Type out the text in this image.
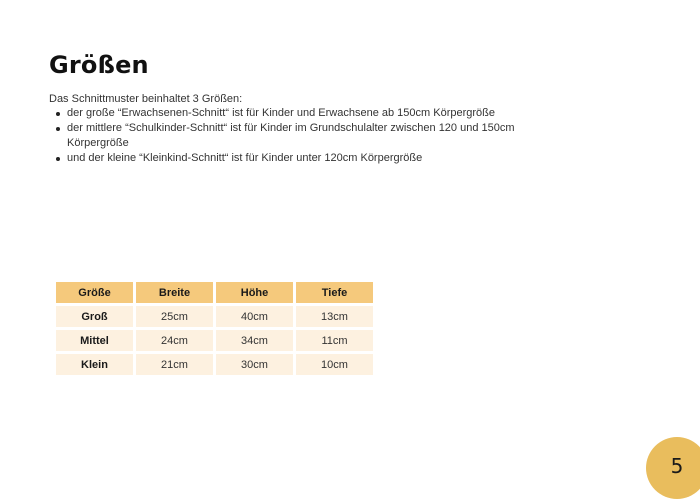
Größen

Das Schnittmuster beinhaltet 3 Größen:

der große “Erwachsenen-Schnitt“ ist für Kinder und Erwachsene ab 150cm Körpergröße
der mittlere “Schulkinder-Schnitt“ ist für Kinder im Grundschulalter zwischen 120 und 150cm Körpergröße
und der kleine “Kleinkind-Schnitt“ ist für Kinder unter 120cm Körpergröße
Größe	Breite	Höhe	Tiefe
Groß	25cm	40cm	13cm
Mittel	24cm	34cm	11cm
Klein	21cm	30cm	10cm
5
